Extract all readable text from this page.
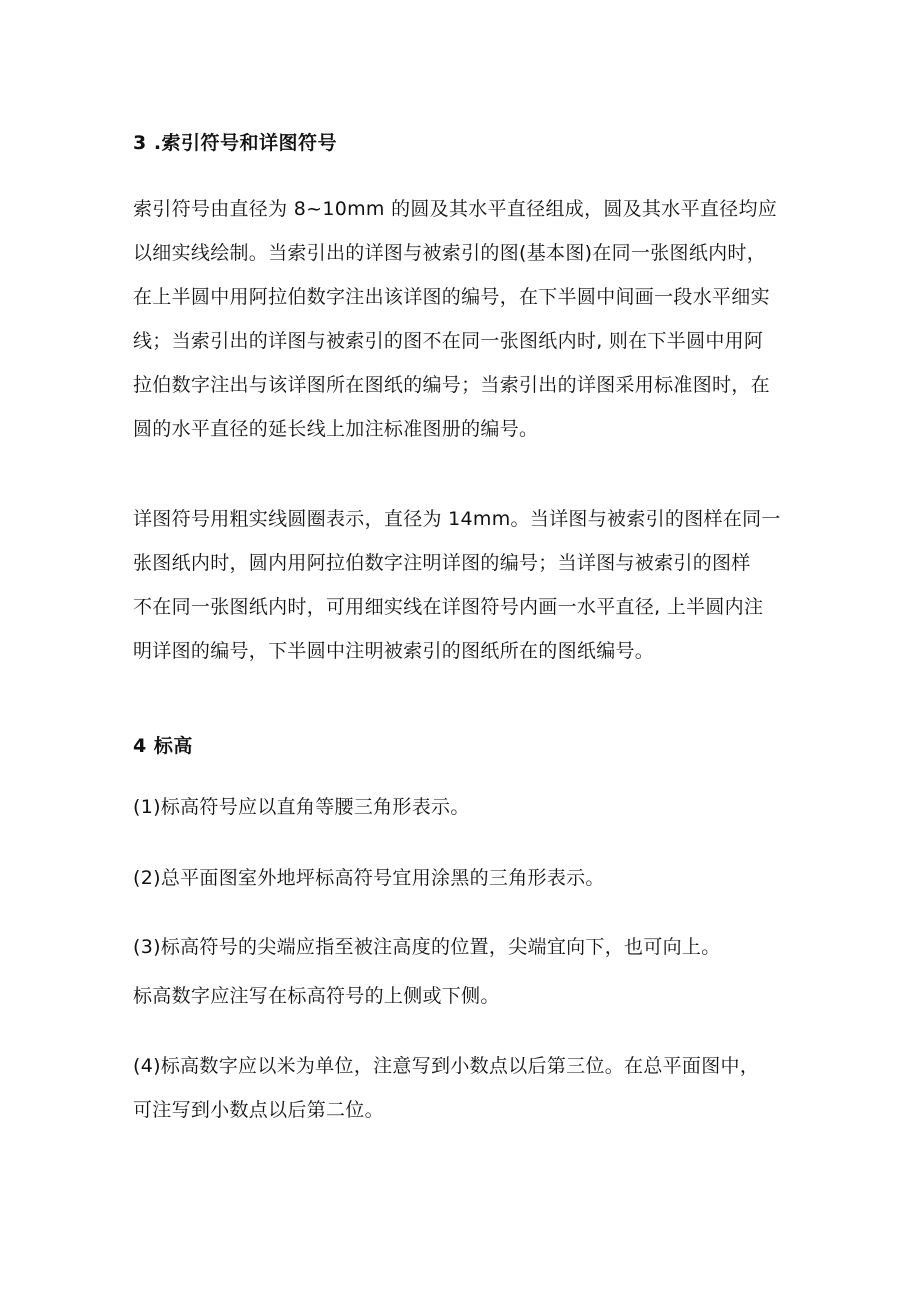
3 .索引符号和详图符号
索引符号由直径为 8~10mm 的圆及其水平直径组成，圆及其水平直径均应
以细实线绘制。当索引出的详图与被索引的图(基本图)在同一张图纸内时，
在上半圆中用阿拉伯数字注出该详图的编号，在下半圆中间画一段水平细实
线；当索引出的详图与被索引的图不在同一张图纸内时, 则在下半圆中用阿
拉伯数字注出与该详图所在图纸的编号；当索引出的详图采用标准图时，在
圆的水平直径的延长线上加注标准图册的编号。
详图符号用粗实线圆圈表示，直径为 14mm。当详图与被索引的图样在同一
张图纸内时，圆内用阿拉伯数字注明详图的编号；当详图与被索引的图样
不在同一张图纸内时，可用细实线在详图符号内画一水平直径, 上半圆内注
明详图的编号，下半圆中注明被索引的图纸所在的图纸编号。
4 标高
(1)标高符号应以直角等腰三角形表示。
(2)总平面图室外地坪标高符号宜用涂黑的三角形表示。
(3)标高符号的尖端应指至被注高度的位置，尖端宜向下，也可向上。
标高数字应注写在标高符号的上侧或下侧。
(4)标高数字应以米为单位，注意写到小数点以后第三位。在总平面图中，
可注写到小数点以后第二位。
